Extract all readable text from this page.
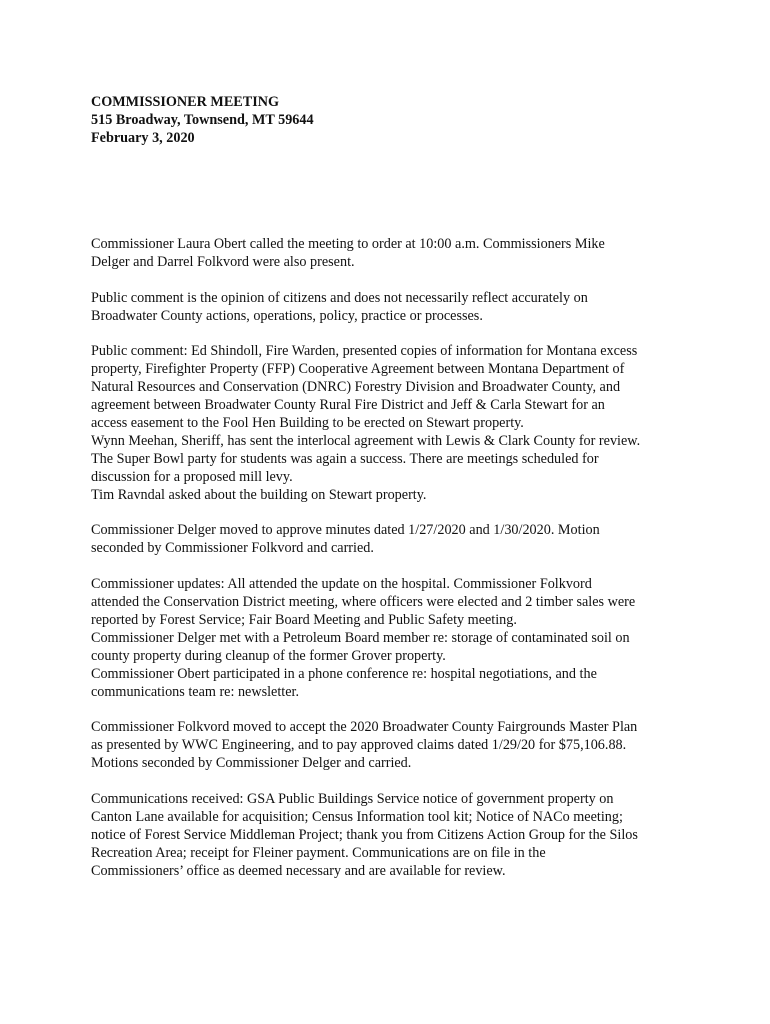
COMMISSIONER MEETING
515 Broadway, Townsend, MT 59644
February 3, 2020
Commissioner Laura Obert called the meeting to order at 10:00 a.m. Commissioners Mike
Delger and Darrel Folkvord were also present.
Public comment is the opinion of citizens and does not necessarily reflect accurately on
Broadwater County actions, operations, policy, practice or processes.
Public comment: Ed Shindoll, Fire Warden, presented copies of information for Montana excess
property, Firefighter Property (FFP) Cooperative Agreement between Montana Department of
Natural Resources and Conservation (DNRC) Forestry Division and Broadwater County, and
agreement between Broadwater County Rural Fire District and Jeff & Carla Stewart for an
access easement to the Fool Hen Building to be erected on Stewart property.
Wynn Meehan, Sheriff, has sent the interlocal agreement with Lewis & Clark County for review.
The Super Bowl party for students was again a success. There are meetings scheduled for
discussion for a proposed mill levy.
Tim Ravndal asked about the building on Stewart property.
Commissioner Delger moved to approve minutes dated 1/27/2020 and 1/30/2020. Motion
seconded by Commissioner Folkvord and carried.
Commissioner updates: All attended the update on the hospital. Commissioner Folkvord
attended the Conservation District meeting, where officers were elected and 2 timber sales were
reported by Forest Service; Fair Board Meeting and Public Safety meeting.
Commissioner Delger met with a Petroleum Board member re: storage of contaminated soil on
county property during cleanup of the former Grover property.
Commissioner Obert participated in a phone conference re: hospital negotiations, and the
communications team re: newsletter.
Commissioner Folkvord moved to accept the 2020 Broadwater County Fairgrounds Master Plan
as presented by WWC Engineering, and to pay approved claims dated 1/29/20 for $75,106.88.
Motions seconded by Commissioner Delger and carried.
Communications received: GSA Public Buildings Service notice of government property on
Canton Lane available for acquisition; Census Information tool kit; Notice of NACo meeting;
notice of Forest Service Middleman Project; thank you from Citizens Action Group for the Silos
Recreation Area; receipt for Fleiner payment. Communications are on file in the
Commissioners’ office as deemed necessary and are available for review.
